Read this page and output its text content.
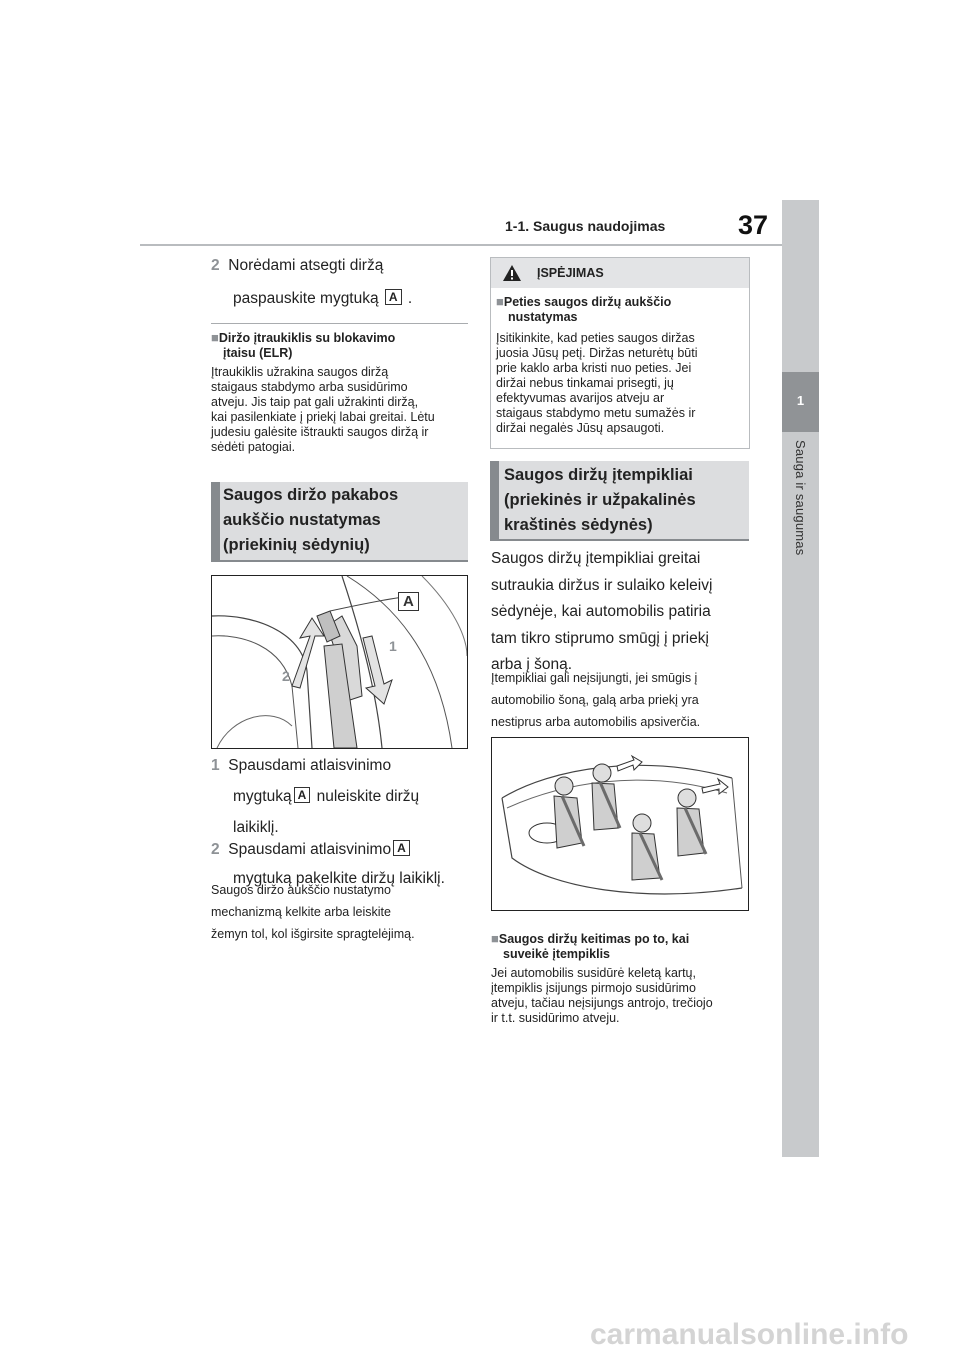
1-1. Saugus naudojimas	37
1
Sauga ir saugumas
2 Norėdami atsegti diržą
paspauskite mygtuką A .
■Diržo įtraukiklis su blokavimo
įtaisu (ELR)
Įtraukiklis užrakina saugos diržą
staigaus stabdymo arba susidūrimo
atveju. Jis taip pat gali užrakinti diržą,
kai pasilenkiate į priekį labai greitai. Lėtu
judesiu galėsite ištraukti saugos diržą ir
sėdėti patogiai.
Saugos diržo pakabos
aukščio nustatymas
(priekinių sėdynių)
A
1
2
1 Spausdami atlaisvinimo
mygtuką A nuleiskite diržų
laikiklį.
2 Spausdami atlaisvinimo A
mygtuką pakelkite diržų laikiklį.
Saugos diržo aukščio nustatymo
mechanizmą kelkite arba leiskite
žemyn tol, kol išgirsite spragtelėjimą.
ĮSPĖJIMAS
■Peties saugos diržų aukščio
nustatymas
Įsitikinkite, kad peties saugos diržas
juosia Jūsų petį. Diržas neturėtų būti
prie kaklo arba kristi nuo peties. Jei
diržai nebus tinkamai prisegti, jų
efektyvumas avarijos atveju ar
staigaus stabdymo metu sumažės ir
diržai negalės Jūsų apsaugoti.
Saugos diržų įtempikliai
(priekinės ir užpakalinės
kraštinės sėdynės)
Saugos diržų įtempikliai greitai
sutraukia diržus ir sulaiko keleivį
sėdynėje, kai automobilis patiria
tam tikro stiprumo smūgį į priekį
arba į šoną.
Įtempikliai gali neįsijungti, jei smūgis į
automobilio šoną, galą arba priekį yra
nestiprus arba automobilis apsiverčia.
■Saugos diržų keitimas po to, kai
suveikė įtempiklis
Jei automobilis susidūrė keletą kartų,
įtempiklis įsijungs pirmojo susidūrimo
atveju, tačiau neįsijungs antrojo, trečiojo
ir t.t. susidūrimo atveju.
carmanualsonline.info
